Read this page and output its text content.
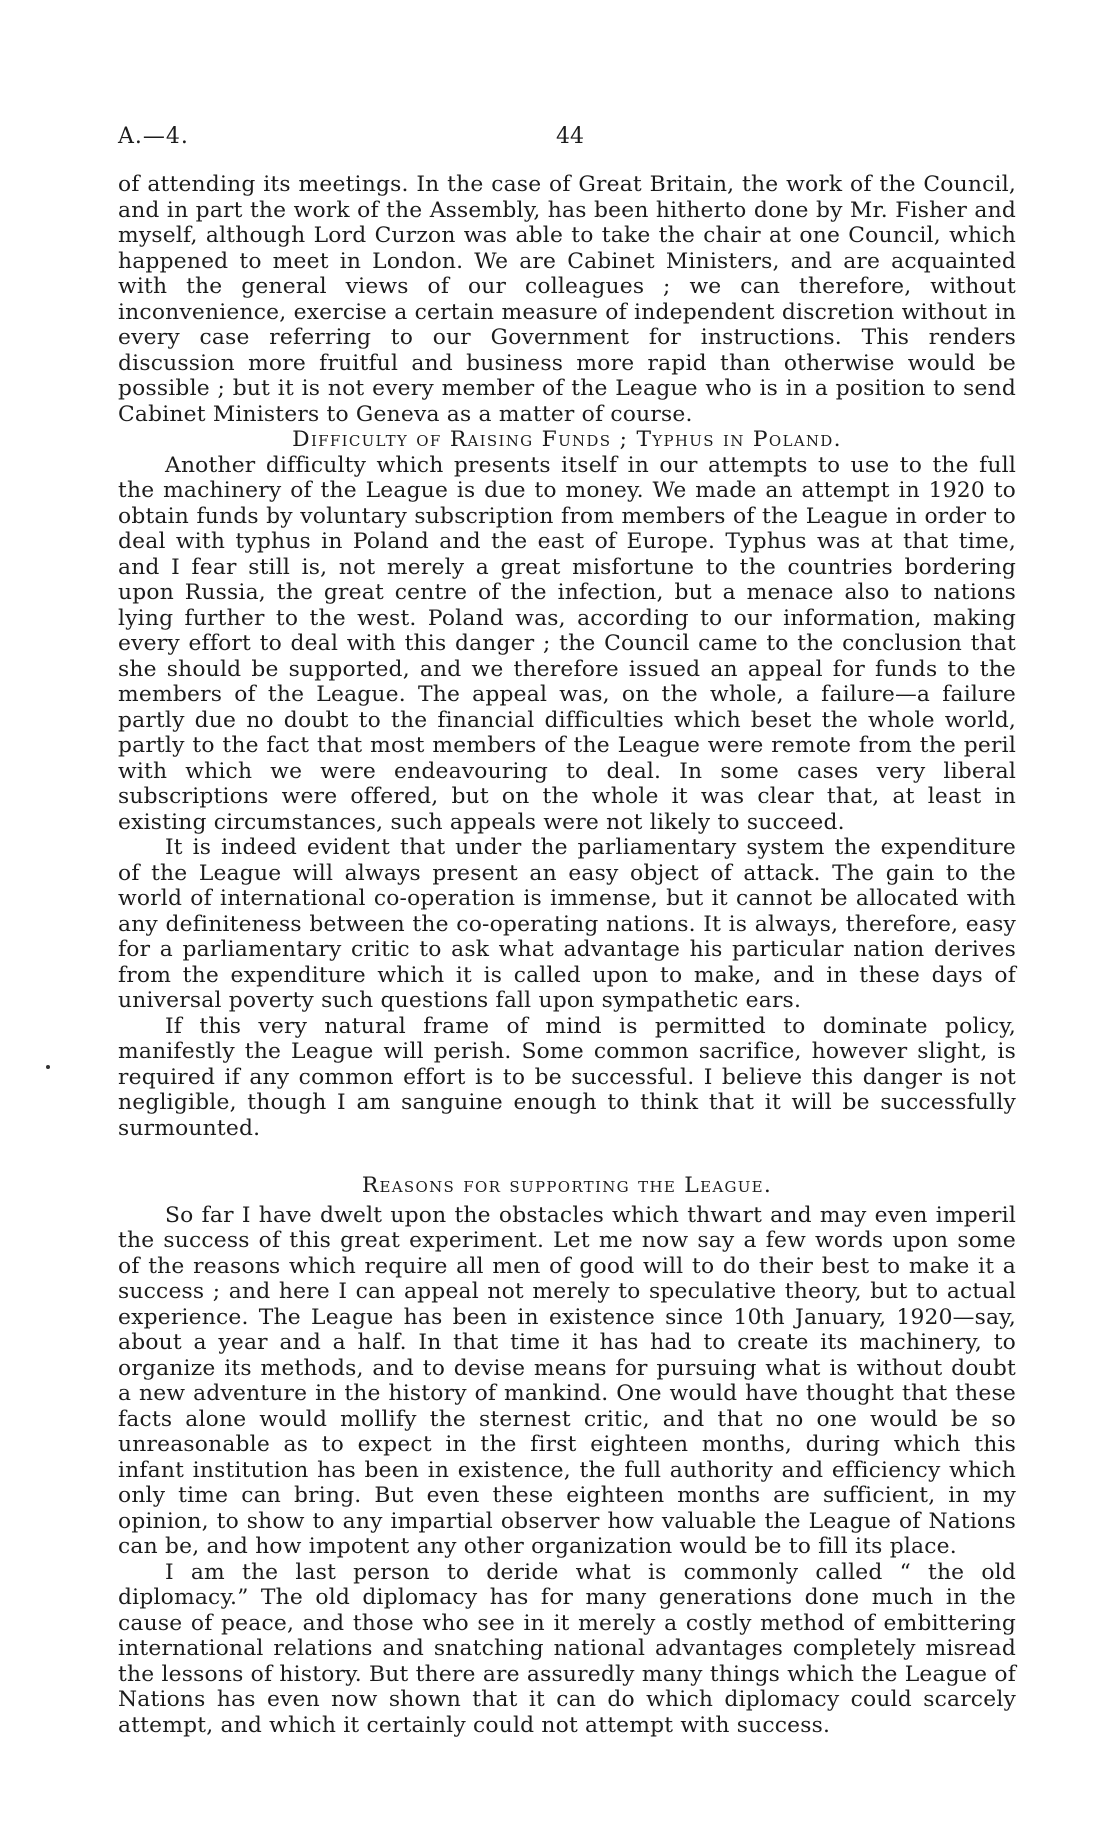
A.—4.	44

of attending its meetings. In the case of Great Britain, the work of the Council, and in part the work of the Assembly, has been hitherto done by Mr. Fisher and myself, although Lord Curzon was able to take the chair at one Council, which happened to meet in London. We are Cabinet Ministers, and are acquainted with the general views of our colleagues ; we can therefore, without inconvenience, exercise a certain measure of independent discretion without in every case referring to our Government for instructions. This renders discussion more fruitful and business more rapid than otherwise would be possible ; but it is not every member of the League who is in a position to send Cabinet Ministers to Geneva as a matter of course.

Difficulty of Raising Funds ; Typhus in Poland.

Another difficulty which presents itself in our attempts to use to the full the machinery of the League is due to money. We made an attempt in 1920 to obtain funds by voluntary subscription from members of the League in order to deal with typhus in Poland and the east of Europe. Typhus was at that time, and I fear still is, not merely a great misfortune to the countries bordering upon Russia, the great centre of the infection, but a menace also to nations lying further to the west. Poland was, according to our information, making every effort to deal with this danger ; the Council came to the conclusion that she should be supported, and we therefore issued an appeal for funds to the members of the League. The appeal was, on the whole, a failure—a failure partly due no doubt to the financial difficulties which beset the whole world, partly to the fact that most members of the League were remote from the peril with which we were endeavouring to deal. In some cases very liberal subscriptions were offered, but on the whole it was clear that, at least in existing circumstances, such appeals were not likely to succeed.

It is indeed evident that under the parliamentary system the expenditure of the League will always present an easy object of attack. The gain to the world of international co-operation is immense, but it cannot be allocated with any definiteness between the co-operating nations. It is always, therefore, easy for a parliamentary critic to ask what advantage his particular nation derives from the expenditure which it is called upon to make, and in these days of universal poverty such questions fall upon sympathetic ears.

If this very natural frame of mind is permitted to dominate policy, manifestly the League will perish. Some common sacrifice, however slight, is required if any common effort is to be successful. I believe this danger is not negligible, though I am sanguine enough to think that it will be successfully surmounted.

Reasons for supporting the League.

So far I have dwelt upon the obstacles which thwart and may even imperil the success of this great experiment. Let me now say a few words upon some of the reasons which require all men of good will to do their best to make it a success ; and here I can appeal not merely to speculative theory, but to actual experience. The League has been in existence since 10th January, 1920—say, about a year and a half. In that time it has had to create its machinery, to organize its methods, and to devise means for pursuing what is without doubt a new adventure in the history of mankind. One would have thought that these facts alone would mollify the sternest critic, and that no one would be so unreasonable as to expect in the first eighteen months, during which this infant institution has been in existence, the full authority and efficiency which only time can bring. But even these eighteen months are sufficient, in my opinion, to show to any impartial observer how valuable the League of Nations can be, and how impotent any other organization would be to fill its place.

I am the last person to deride what is commonly called “ the old diplomacy.” The old diplomacy has for many generations done much in the cause of peace, and those who see in it merely a costly method of embittering international relations and snatching national advantages completely misread the lessons of history. But there are assuredly many things which the League of Nations has even now shown that it can do which diplomacy could scarcely attempt, and which it certainly could not attempt with success.
